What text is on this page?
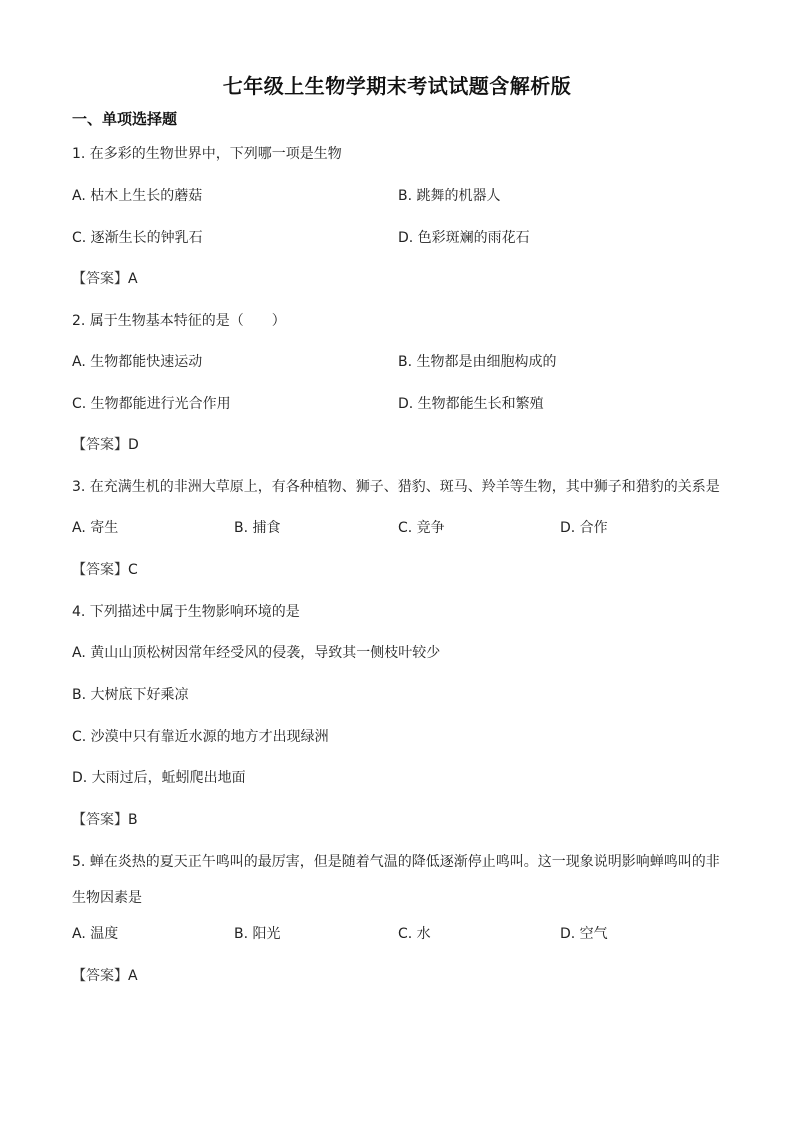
七年级上生物学期末考试试题含解析版
一、单项选择题
1. 在多彩的生物世界中，下列哪一项是生物
A. 枯木上生长的蘑菇	B. 跳舞的机器人
C. 逐渐生长的钟乳石	D. 色彩斑斓的雨花石
【答案】A
2. 属于生物基本特征的是（　　）
A. 生物都能快速运动	B. 生物都是由细胞构成的
C. 生物都能进行光合作用	D. 生物都能生长和繁殖
【答案】D
3. 在充满生机的非洲大草原上，有各种植物、狮子、猎豹、斑马、羚羊等生物，其中狮子和猎豹的关系是
A. 寄生	B. 捕食	C. 竞争	D. 合作
【答案】C
4. 下列描述中属于生物影响环境的是
A. 黄山山顶松树因常年经受风的侵袭，导致其一侧枝叶较少
B. 大树底下好乘凉
C. 沙漠中只有靠近水源的地方才出现绿洲
D. 大雨过后，蚯蚓爬出地面
【答案】B
5. 蝉在炎热的夏天正午鸣叫的最厉害，但是随着气温的降低逐渐停止鸣叫。这一现象说明影响蝉鸣叫的非
生物因素是
A. 温度	B. 阳光	C. 水	D. 空气
【答案】A
